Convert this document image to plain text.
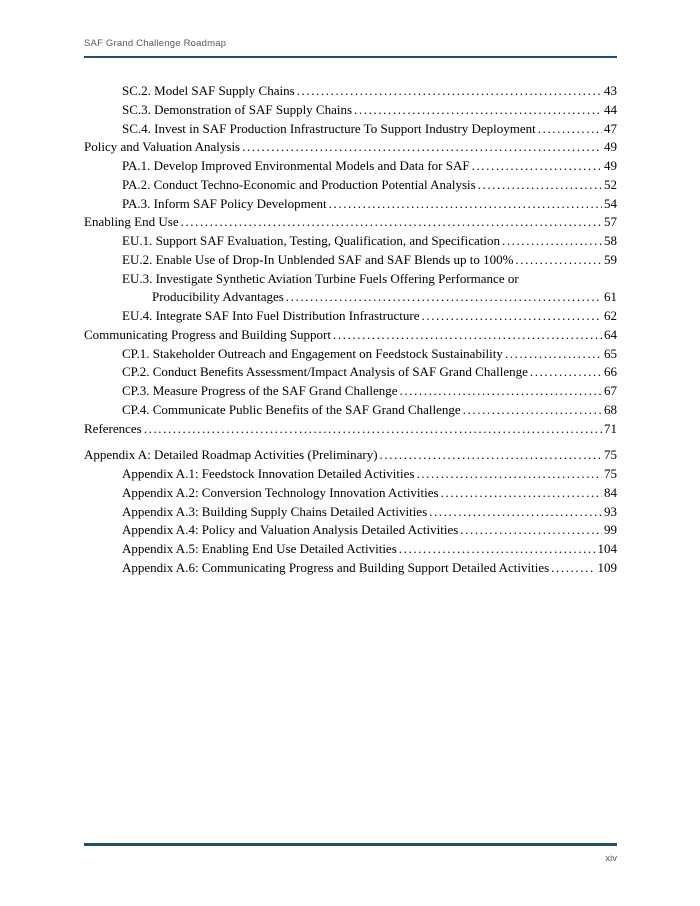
SAF Grand Challenge Roadmap
SC.2. Model SAF Supply Chains .....	43
SC.3. Demonstration of SAF Supply Chains .....	44
SC.4. Invest in SAF Production Infrastructure To Support Industry Deployment .....	47
Policy and Valuation Analysis .....	49
PA.1. Develop Improved Environmental Models and Data for SAF .....	49
PA.2. Conduct Techno-Economic and Production Potential Analysis .....	52
PA.3. Inform SAF Policy Development .....	54
Enabling End Use .....	57
EU.1. Support SAF Evaluation, Testing, Qualification, and Specification .....	58
EU.2. Enable Use of Drop-In Unblended SAF and SAF Blends up to 100% .....	59
EU.3. Investigate Synthetic Aviation Turbine Fuels Offering Performance or
Producibility Advantages .....	61
EU.4. Integrate SAF Into Fuel Distribution Infrastructure .....	62
Communicating Progress and Building Support .....	64
CP.1. Stakeholder Outreach and Engagement on Feedstock Sustainability .....	65
CP.2. Conduct Benefits Assessment/Impact Analysis of SAF Grand Challenge .....	66
CP.3. Measure Progress of the SAF Grand Challenge .....	67
CP.4. Communicate Public Benefits of the SAF Grand Challenge .....	68
References .....	71
Appendix A: Detailed Roadmap Activities (Preliminary) .....	75
Appendix A.1: Feedstock Innovation Detailed Activities .....	75
Appendix A.2: Conversion Technology Innovation Activities .....	84
Appendix A.3: Building Supply Chains Detailed Activities .....	93
Appendix A.4: Policy and Valuation Analysis Detailed Activities .....	99
Appendix A.5: Enabling End Use Detailed Activities .....	104
Appendix A.6: Communicating Progress and Building Support Detailed Activities .....	109
xiv
